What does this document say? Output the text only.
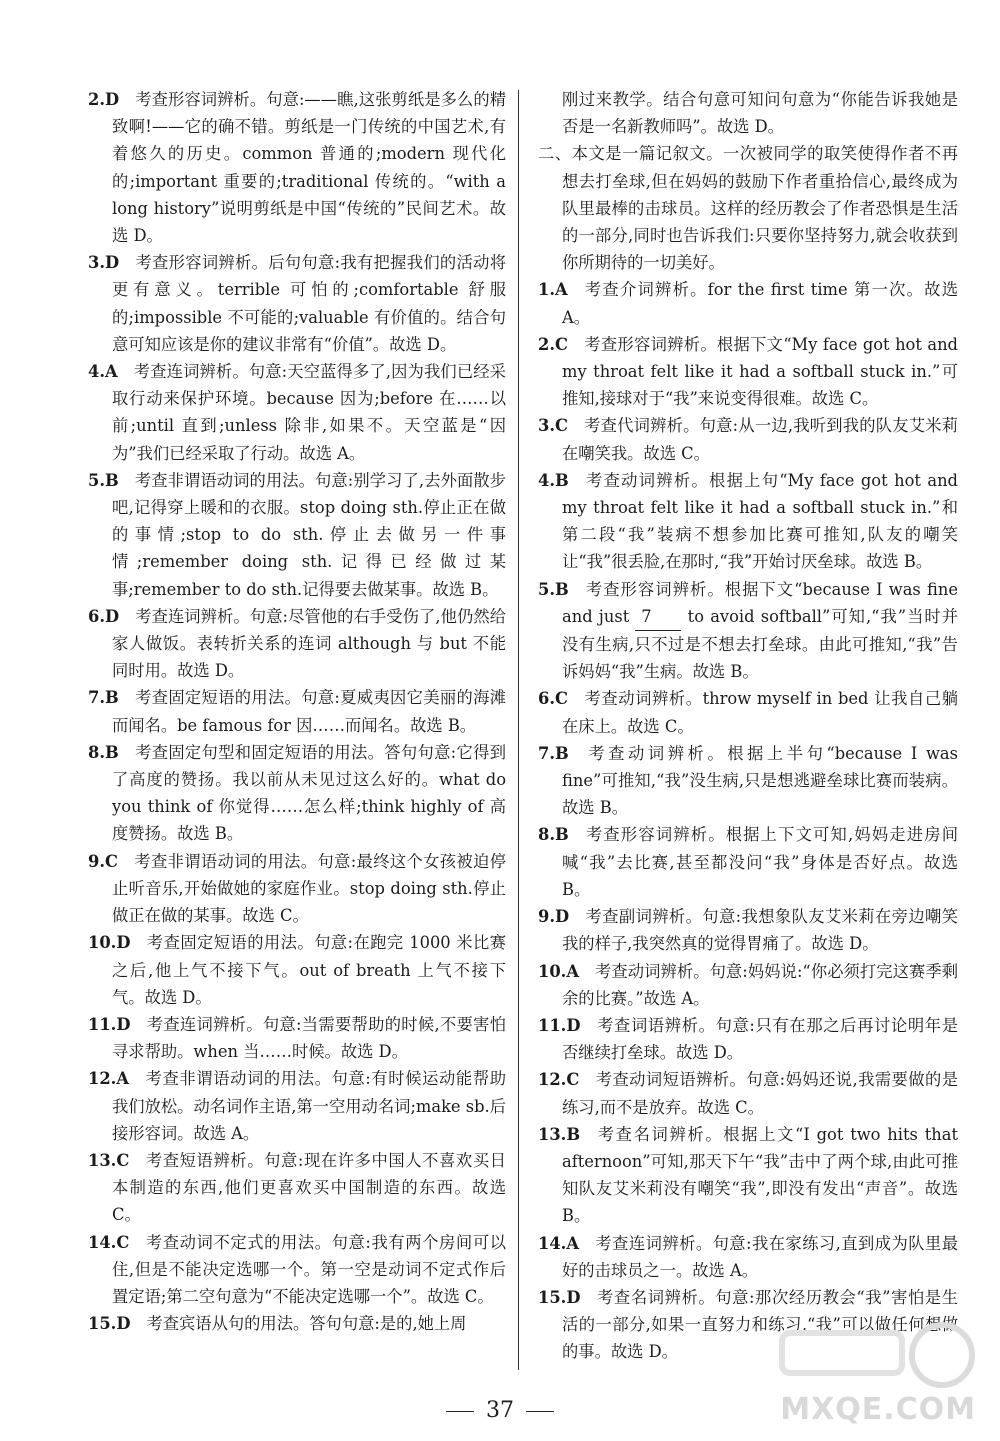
2.D 考查形容词辨析。句意:——瞧,这张剪纸是多么的精致啊!——它的确不错。剪纸是一门传统的中国艺术,有着悠久的历史。common 普通的;modern 现代化的;important 重要的;traditional 传统的。“with a long history”说明剪纸是中国“传统的”民间艺术。故选 D。

3.D 考查形容词辨析。后句句意:我有把握我们的活动将更有意义。terrible 可怕的;comfortable 舒服的;impossible 不可能的;valuable 有价值的。结合句意可知应该是你的建议非常有“价值”。故选 D。

4.A 考查连词辨析。句意:天空蓝得多了,因为我们已经采取行动来保护环境。because 因为;before 在……以前;until 直到;unless 除非,如果不。天空蓝是“因为”我们已经采取了行动。故选 A。

5.B 考查非谓语动词的用法。句意:别学习了,去外面散步吧,记得穿上暖和的衣服。stop doing sth.停止正在做的事情;stop to do sth.停止去做另一件事情;remember doing sth.记得已经做过某事;remember to do sth.记得要去做某事。故选 B。

6.D 考查连词辨析。句意:尽管他的右手受伤了,他仍然给家人做饭。表转折关系的连词 although 与 but 不能同时用。故选 D。

7.B 考查固定短语的用法。句意:夏威夷因它美丽的海滩而闻名。be famous for 因……而闻名。故选 B。

8.B 考查固定句型和固定短语的用法。答句句意:它得到了高度的赞扬。我以前从未见过这么好的。what do you think of 你觉得……怎么样;think highly of 高度赞扬。故选 B。

9.C 考查非谓语动词的用法。句意:最终这个女孩被迫停止听音乐,开始做她的家庭作业。stop doing sth.停止做正在做的某事。故选 C。

10.D 考查固定短语的用法。句意:在跑完 1000 米比赛之后,他上气不接下气。out of breath 上气不接下气。故选 D。

11.D 考查连词辨析。句意:当需要帮助的时候,不要害怕寻求帮助。when 当……时候。故选 D。

12.A 考查非谓语动词的用法。句意:有时候运动能帮助我们放松。动名词作主语,第一空用动名词;make sb.后接形容词。故选 A。

13.C 考查短语辨析。句意:现在许多中国人不喜欢买日本制造的东西,他们更喜欢买中国制造的东西。故选 C。

14.C 考查动词不定式的用法。句意:我有两个房间可以住,但是不能决定选哪一个。第一空是动词不定式作后置定语;第二空句意为“不能决定选哪一个”。故选 C。

15.D 考查宾语从句的用法。答句句意:是的,她上周

刚过来教学。结合句意可知问句意为“你能告诉我她是否是一名新教师吗”。故选 D。

二、本文是一篇记叙文。一次被同学的取笑使得作者不再想去打垒球,但在妈妈的鼓励下作者重拾信心,最终成为队里最棒的击球员。这样的经历教会了作者恐惧是生活的一部分,同时也告诉我们:只要你坚持努力,就会收获到你所期待的一切美好。

1.A 考查介词辨析。for the first time 第一次。故选 A。

2.C 考查形容词辨析。根据下文“My face got hot and my throat felt like it had a softball stuck in.”可推知,接球对于“我”来说变得很难。故选 C。

3.C 考查代词辨析。句意:从一边,我听到我的队友艾米莉在嘲笑我。故选 C。

4.B 考查动词辨析。根据上句“My face got hot and my throat felt like it had a softball stuck in.”和第二段“我”装病不想参加比赛可推知,队友的嘲笑让“我”很丢脸,在那时,“我”开始讨厌垒球。故选 B。

5.B 考查形容词辨析。根据下文“because I was fine and just 7 to avoid softball”可知,“我”当时并没有生病,只不过是不想去打垒球。由此可推知,“我”告诉妈妈“我”生病。故选 B。

6.C 考查动词辨析。throw myself in bed 让我自己躺在床上。故选 C。

7.B 考查动词辨析。根据上半句“because I was fine”可推知,“我”没生病,只是想逃避垒球比赛而装病。故选 B。

8.B 考查形容词辨析。根据上下文可知,妈妈走进房间喊“我”去比赛,甚至都没问“我”身体是否好点。故选 B。

9.D 考查副词辨析。句意:我想象队友艾米莉在旁边嘲笑我的样子,我突然真的觉得胃痛了。故选 D。

10.A 考查动词辨析。句意:妈妈说:“你必须打完这赛季剩余的比赛。”故选 A。

11.D 考查词语辨析。句意:只有在那之后再讨论明年是否继续打垒球。故选 D。

12.C 考查动词短语辨析。句意:妈妈还说,我需要做的是练习,而不是放弃。故选 C。

13.B 考查名词辨析。根据上文“I got two hits that afternoon”可知,那天下午“我”击中了两个球,由此可推知队友艾米莉没有嘲笑“我”,即没有发出“声音”。故选 B。

14.A 考查连词辨析。句意:我在家练习,直到成为队里最好的击球员之一。故选 A。

15.D 考查名词辨析。句意:那次经历教会“我”害怕是生活的一部分,如果一直努力和练习,“我”可以做任何想做的事。故选 D。

37	MXQE.COM
